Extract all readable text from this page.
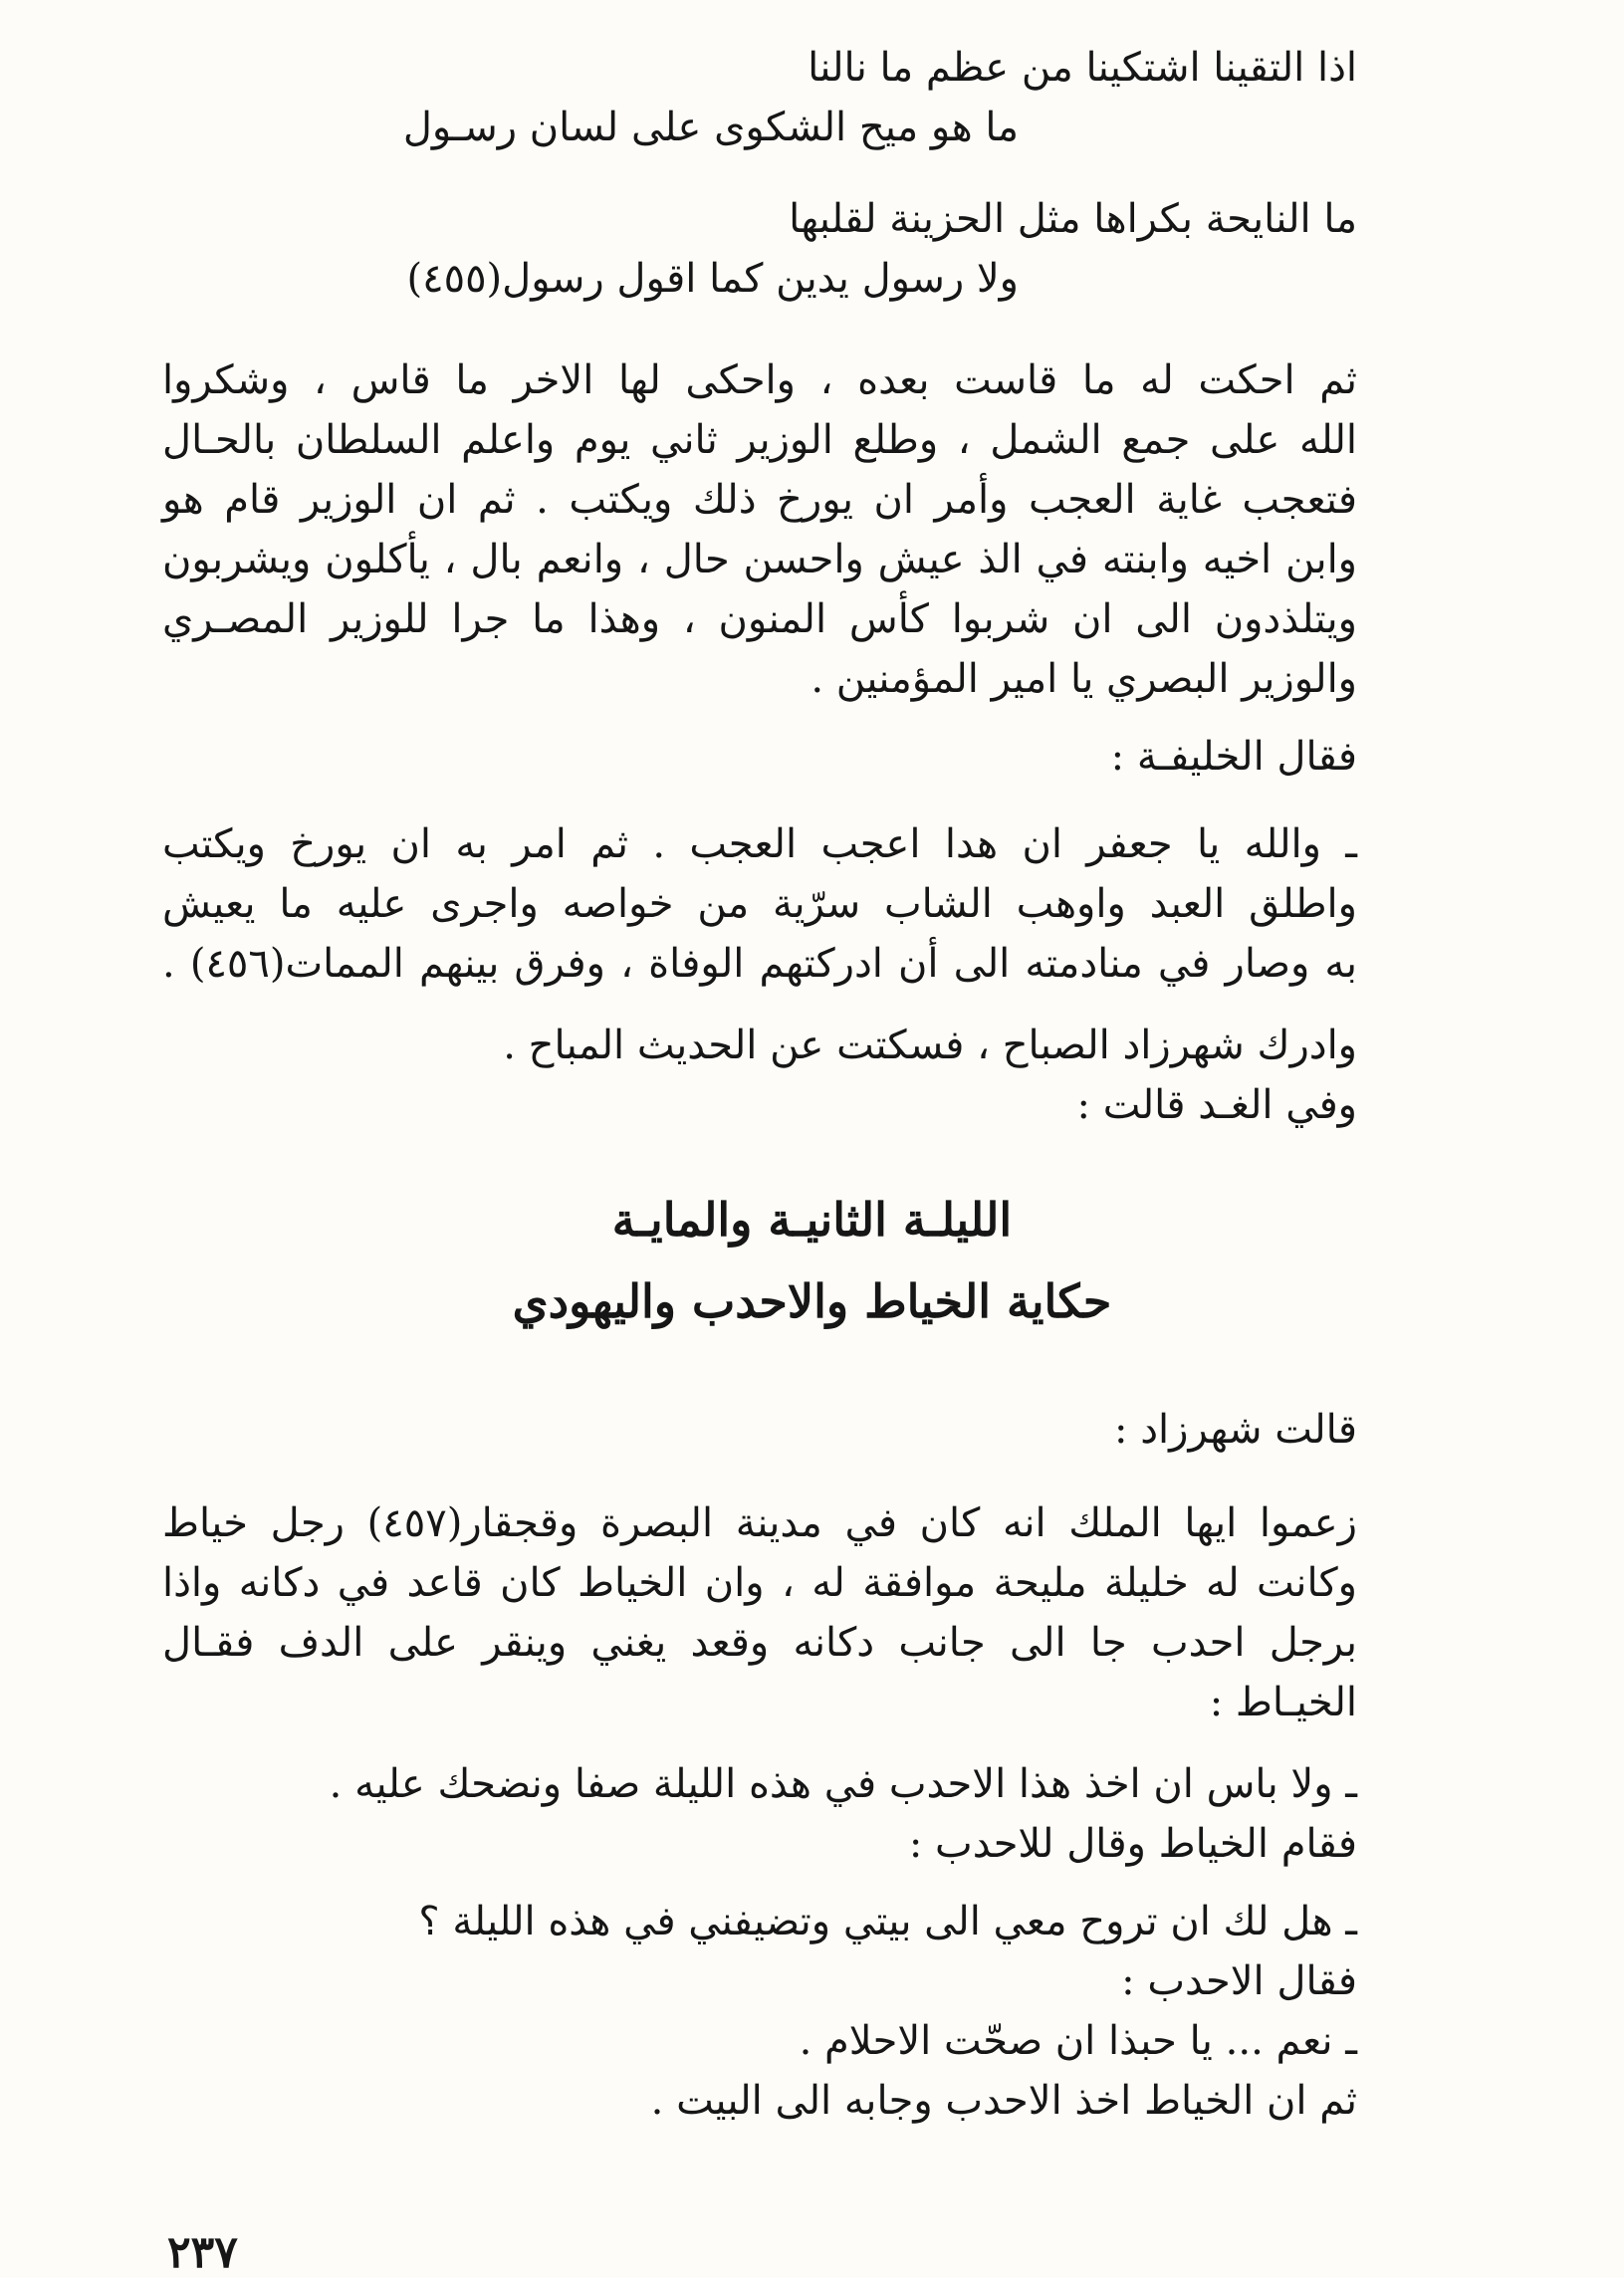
اذا التقينا اشتكينا من عظم ما نالنا
ما هو ميح الشكوى على لسان رسـول
ما النايحة بكراها مثل الحزينة لقلبها
ولا رسول يدين كما اقول رسول(٤٥٥)
ثم احكت له ما قاست بعده ، واحكى لها الاخر ما قاس ، وشكروا
الله على جمع الشمل ، وطلع الوزير ثاني يوم واعلم السلطان بالحـال
فتعجب غاية العجب وأمر ان يورخ ذلك ويكتب . ثم ان الوزير قام هو
وابن اخيه وابنته في الذ عيش واحسن حال ، وانعم بال ، يأكلون ويشربون
ويتلذدون الى ان شربوا كأس المنون ، وهذا ما جرا للوزير المصـري
والوزير البصري يا امير المؤمنين .
فقال الخليفـة :
ـ والله يا جعفر ان هدا اعجب العجب . ثم امر به ان يورخ ويكتب
واطلق العبد واوهب الشاب سرّية من خواصه واجرى عليه ما يعيش
به وصار في منادمته الى أن ادركتهم الوفاة ، وفرق بينهم الممات(٤٥٦) .
وادرك شهرزاد الصباح ، فسكتت عن الحديث المباح .
وفي الغـد قالت :
الليلـة الثانيـة والمايـة
حكاية الخياط والاحدب واليهودي
قالت شهرزاد :
زعموا ايها الملك انه كان في مدينة البصرة وقجقار(٤٥٧) رجل خياط
وكانت له خليلة مليحة موافقة له ، وان الخياط كان قاعد في دكانه واذا
برجل احدب جا الى جانب دكانه وقعد يغني وينقر على الدف فقـال
الخيـاط :
ـ ولا باس ان اخذ هذا الاحدب في هذه الليلة صفا ونضحك عليه .
فقام الخياط وقال للاحدب :
ـ هل لك ان تروح معي الى بيتي وتضيفني في هذه الليلة ؟
فقال الاحدب :
ـ نعم ... يا حبذا ان صحّت الاحلام .
ثم ان الخياط اخذ الاحدب وجابه الى البيت .
٢٣٧
